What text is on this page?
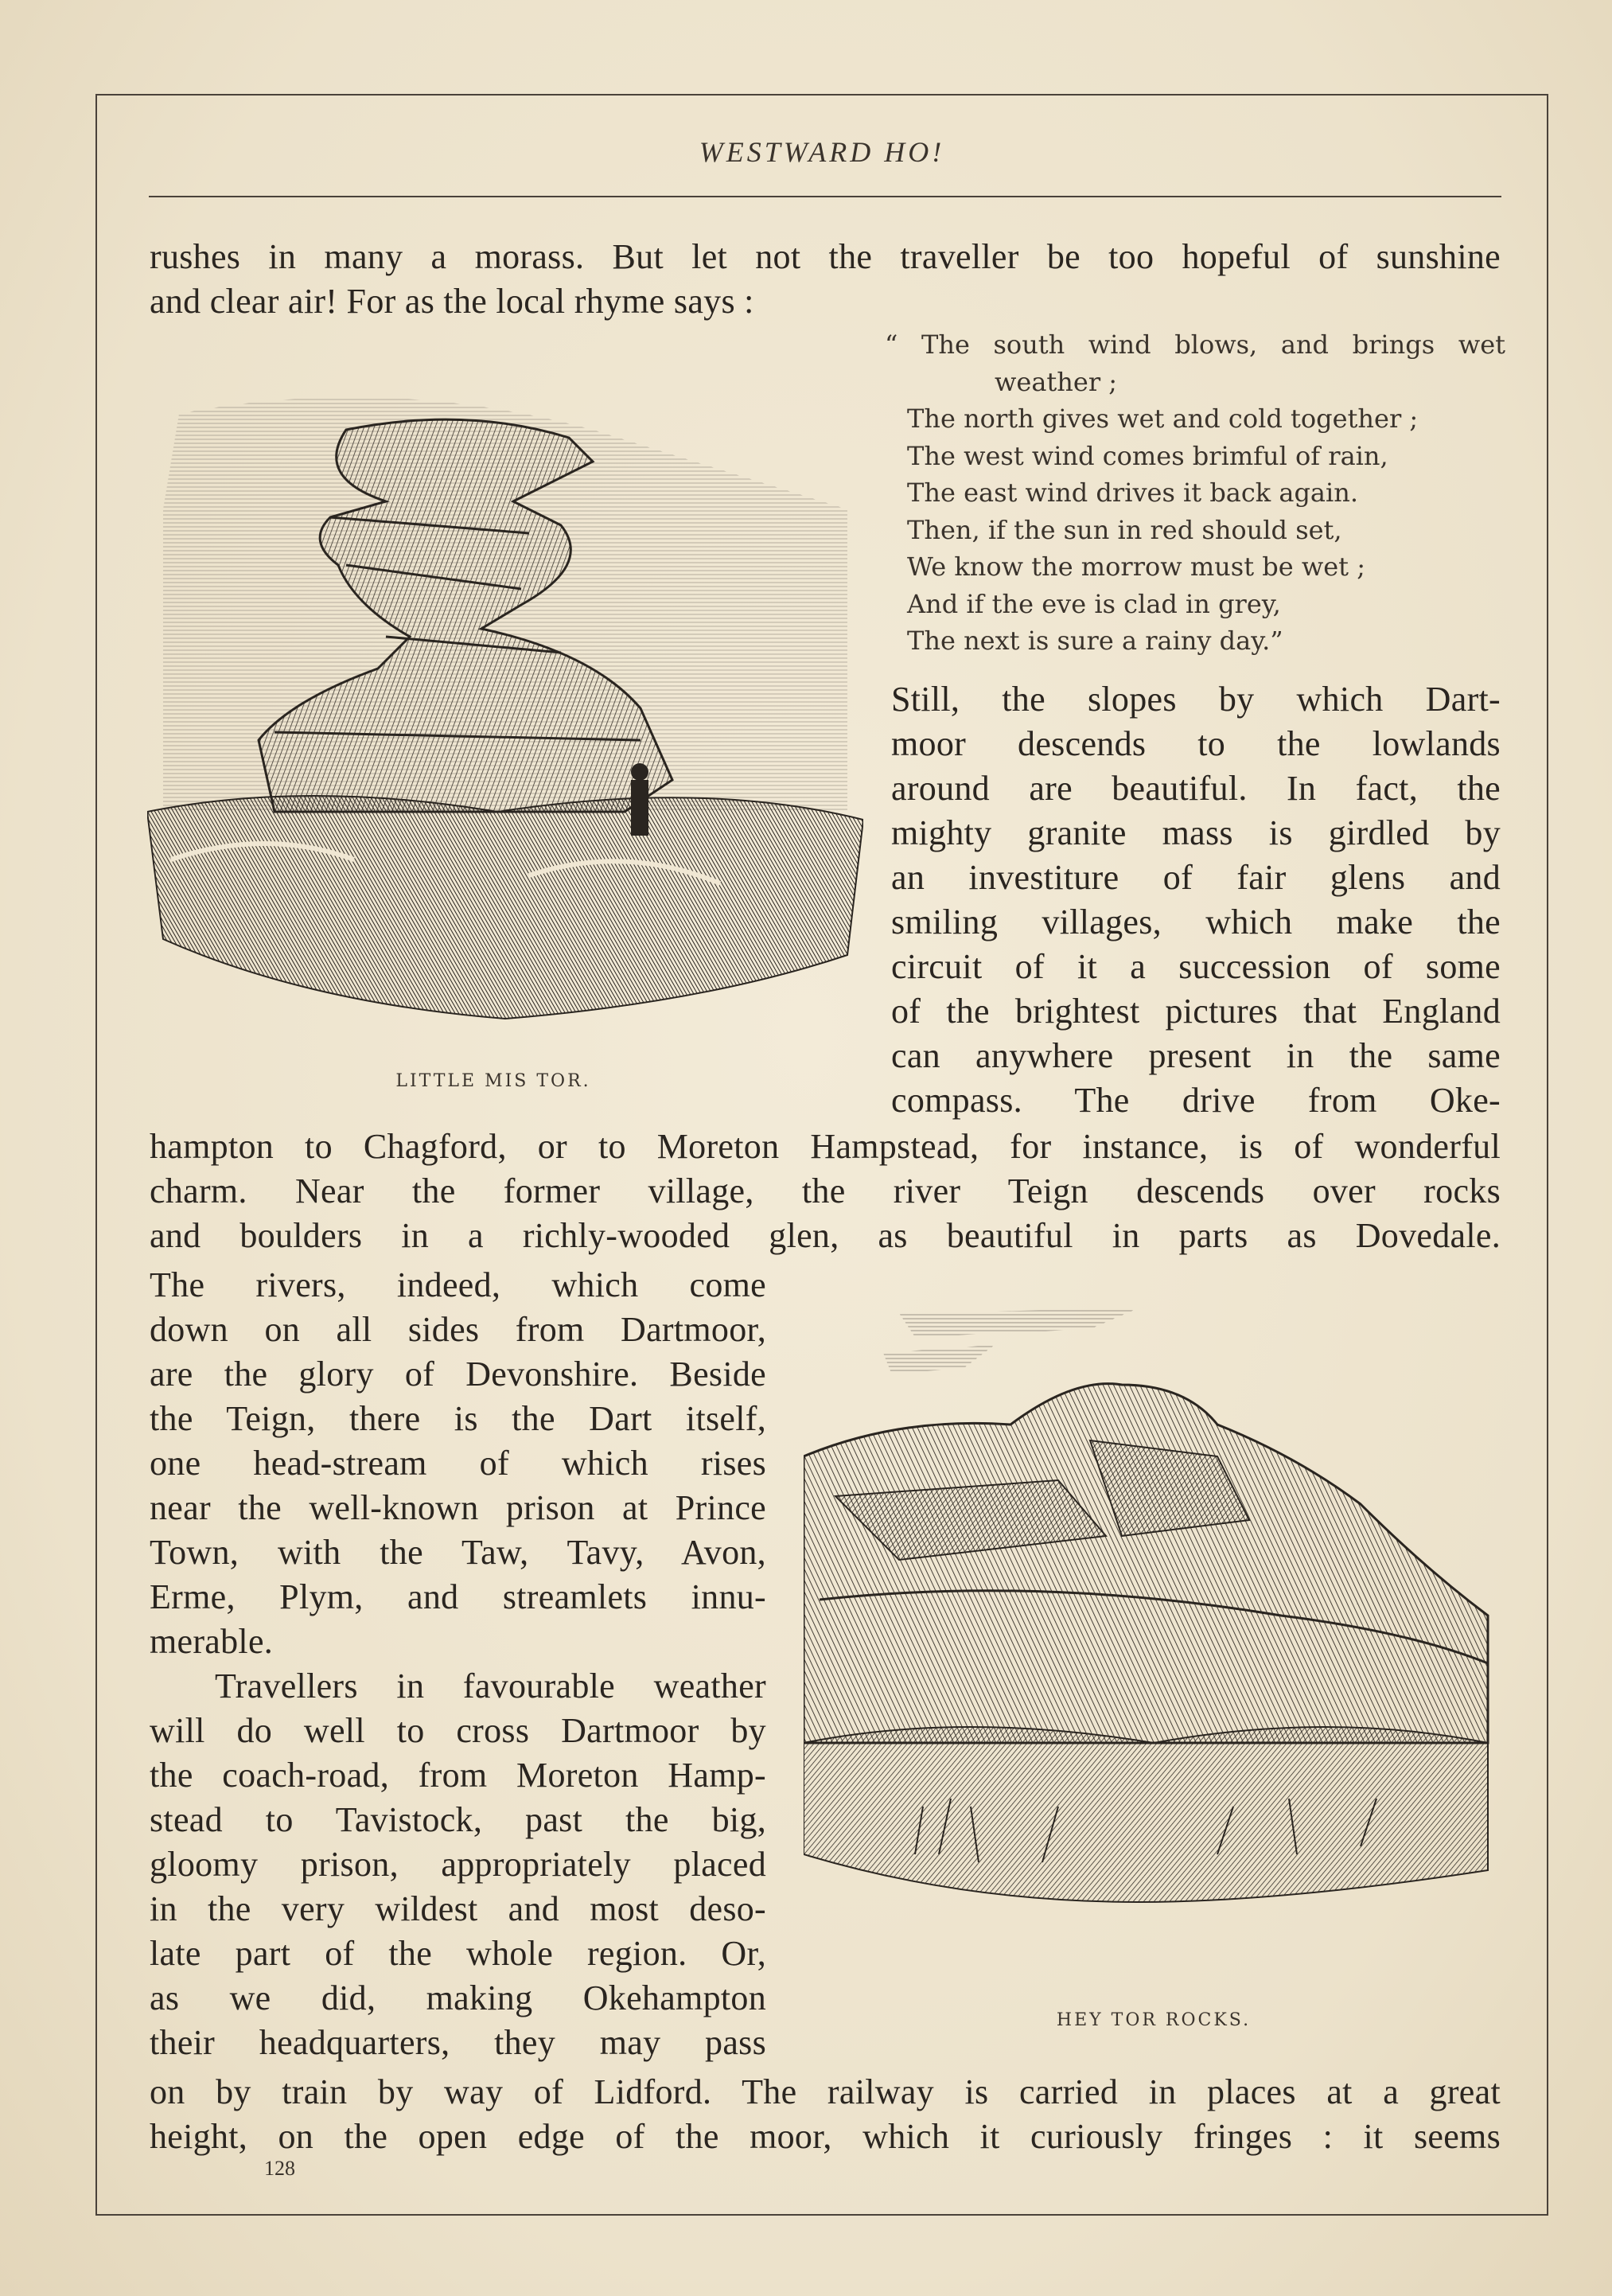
WESTWARD HO!
rushes in many a morass. But let not the traveller be too hopeful of sunshine
and clear air! For as the local rhyme says :
“ The south wind blows, and brings wet
weather ;
The north gives wet and cold together ;
The west wind comes brimful of rain,
The east wind drives it back again.
Then, if the sun in red should set,
We know the morrow must be wet ;
And if the eve is clad in grey,
The next is sure a rainy day.”
LITTLE MIS TOR.
Still, the slopes by which Dart-
moor descends to the lowlands
around are beautiful. In fact, the
mighty granite mass is girdled by
an investiture of fair glens and
smiling villages, which make the
circuit of it a succession of some
of the brightest pictures that England
can anywhere present in the same
compass. The drive from Oke-
hampton to Chagford, or to Moreton Hampstead, for instance, is of wonderful
charm. Near the former village, the river Teign descends over rocks
and boulders in a richly-wooded glen, as beautiful in parts as Dovedale.
The rivers, indeed, which come
down on all sides from Dartmoor,
are the glory of Devonshire. Beside
the Teign, there is the Dart itself,
one head-stream of which rises
near the well-known prison at Prince
Town, with the Taw, Tavy, Avon,
Erme, Plym, and streamlets innu-
merable.
Travellers in favourable weather
will do well to cross Dartmoor by
the coach-road, from Moreton Hamp-
stead to Tavistock, past the big,
gloomy prison, appropriately placed
in the very wildest and most deso-
late part of the whole region. Or,
as we did, making Okehampton
their headquarters, they may pass
HEY TOR ROCKS.
on by train by way of Lidford. The railway is carried in places at a great
height, on the open edge of the moor, which it curiously fringes : it seems
128
